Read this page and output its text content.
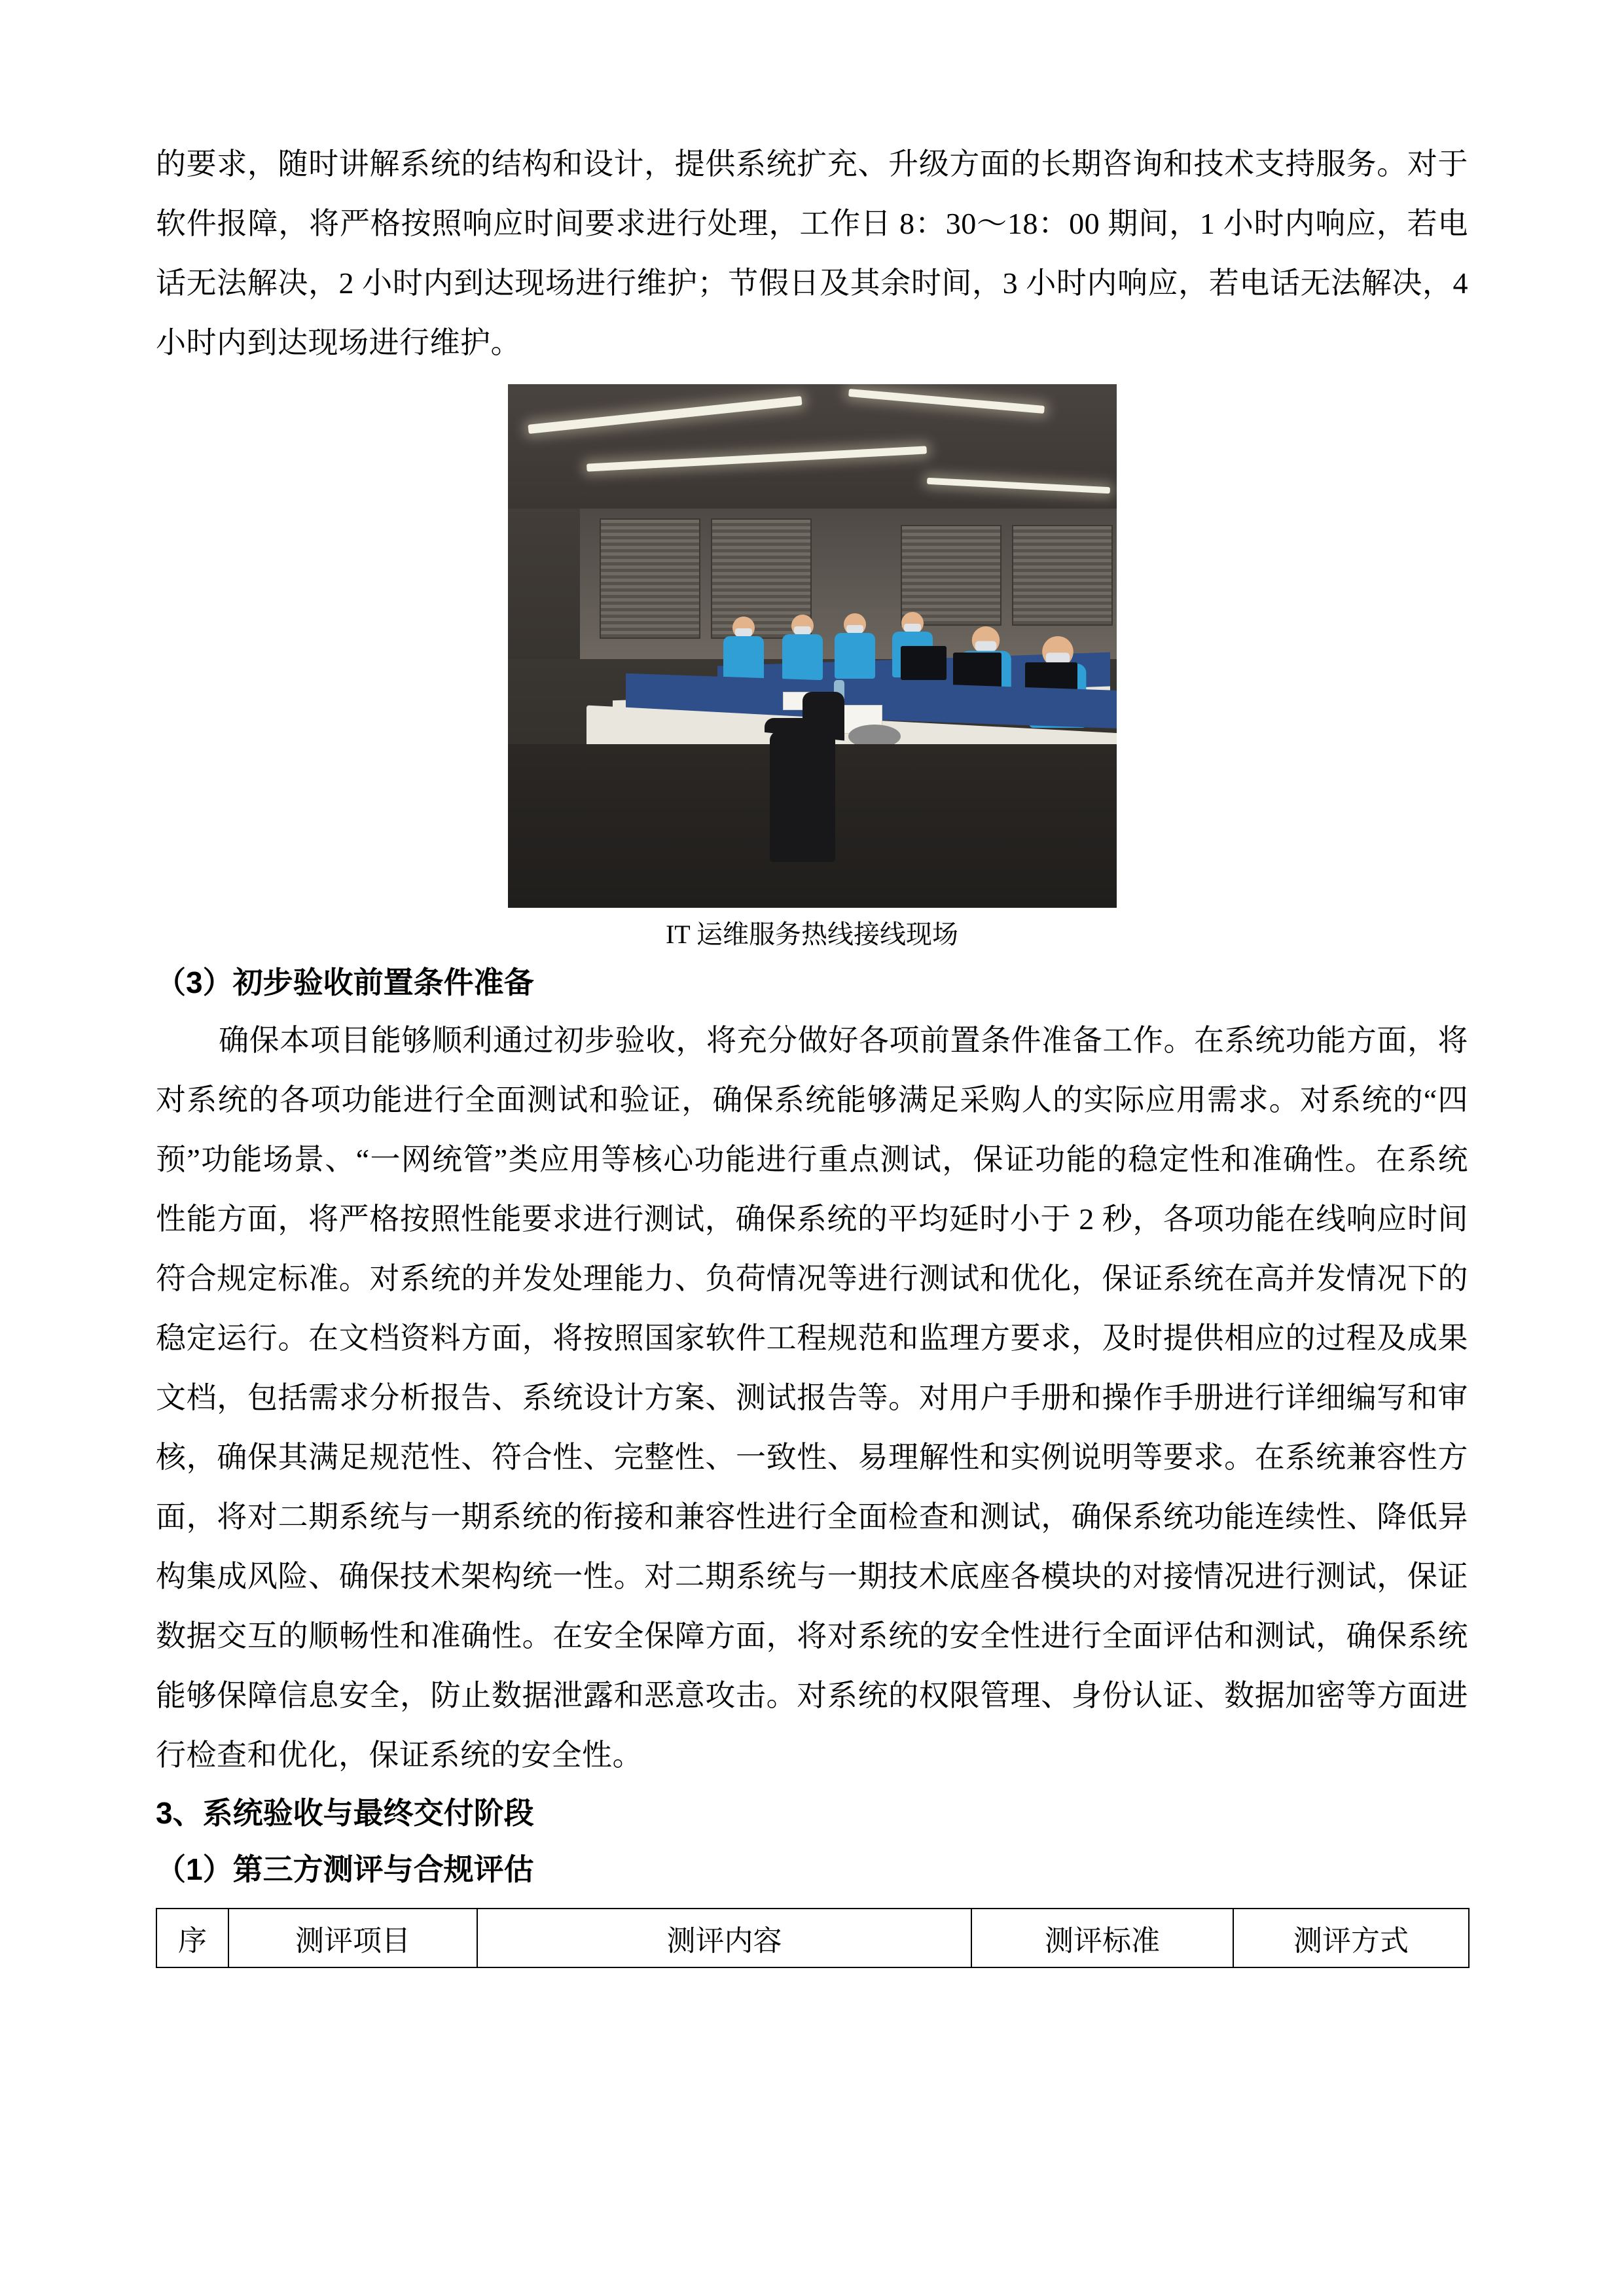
的要求，随时讲解系统的结构和设计，提供系统扩充、升级方面的长期咨询和技术支持服务。对于软件报障，将严格按照响应时间要求进行处理，工作日 8：30～18：00 期间，1 小时内响应，若电话无法解决，2 小时内到达现场进行维护；节假日及其余时间，3 小时内响应，若电话无法解决，4 小时内到达现场进行维护。

IT 运维服务热线接线现场

（3）初步验收前置条件准备

确保本项目能够顺利通过初步验收，将充分做好各项前置条件准备工作。在系统功能方面，将对系统的各项功能进行全面测试和验证，确保系统能够满足采购人的实际应用需求。对系统的“四预”功能场景、“一网统管”类应用等核心功能进行重点测试，保证功能的稳定性和准确性。在系统性能方面，将严格按照性能要求进行测试，确保系统的平均延时小于 2 秒，各项功能在线响应时间符合规定标准。对系统的并发处理能力、负荷情况等进行测试和优化，保证系统在高并发情况下的稳定运行。在文档资料方面，将按照国家软件工程规范和监理方要求，及时提供相应的过程及成果文档，包括需求分析报告、系统设计方案、测试报告等。对用户手册和操作手册进行详细编写和审核，确保其满足规范性、符合性、完整性、一致性、易理解性和实例说明等要求。在系统兼容性方面，将对二期系统与一期系统的衔接和兼容性进行全面检查和测试，确保系统功能连续性、降低异构集成风险、确保技术架构统一性。对二期系统与一期技术底座各模块的对接情况进行测试，保证数据交互的顺畅性和准确性。在安全保障方面，将对系统的安全性进行全面评估和测试，确保系统能够保障信息安全，防止数据泄露和恶意攻击。对系统的权限管理、身份认证、数据加密等方面进行检查和优化，保证系统的安全性。

3、系统验收与最终交付阶段

（1）第三方测评与合规评估

序	测评项目	测评内容	测评标准	测评方式
